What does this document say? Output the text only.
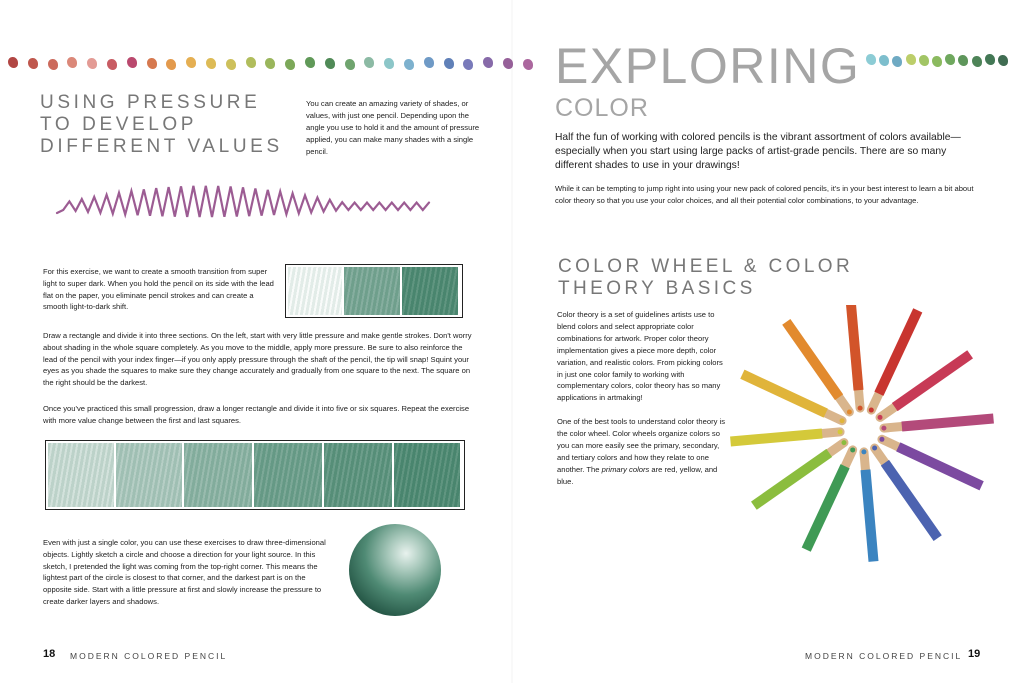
USING PRESSURE
TO DEVELOP
DIFFERENT VALUES
You can create an amazing variety of shades, or values, with just one pencil. Depending upon the angle you use to hold it and the amount of pressure applied, you can make many shades with a single pencil.
For this exercise, we want to create a smooth transition from super light to super dark. When you hold the pencil on its side with the lead flat on the paper, you eliminate pencil strokes and can create a smooth light-to-dark shift.
Draw a rectangle and divide it into three sections. On the left, start with very little pressure and make gentle strokes. Don't worry about shading in the whole square completely. As you move to the middle, apply more pressure. Be sure to also reinforce the lead of the pencil with your index finger—if you only apply pressure through the shaft of the pencil, the tip will snap! Squint your eyes as you shade the squares to make sure they change accurately and gradually from one square to the next. The square on the right should be the darkest.
Once you've practiced this small progression, draw a longer rectangle and divide it into five or six squares. Repeat the exercise with more value change between the first and last squares.
Even with just a single color, you can use these exercises to draw three-dimensional objects. Lightly sketch a circle and choose a direction for your light source. In this sketch, I pretended the light was coming from the top-right corner. This means the lightest part of the circle is closest to that corner, and the darkest part is on the opposite side. Start with a little pressure at first and slowly increase the pressure to create darker layers and shadows.
18 MODERN COLORED PENCIL
EXPLORING
COLOR
Half the fun of working with colored pencils is the vibrant assortment of colors available—especially when you start using large packs of artist-grade pencils. There are so many different shades to use in your drawings!
While it can be tempting to jump right into using your new pack of colored pencils, it's in your best interest to learn a bit about color theory so that you use your color choices, and all their potential color combinations, to your advantage.
COLOR WHEEL & COLOR
THEORY BASICS

Color theory is a set of guidelines artists use to blend colors and select appropriate color combinations for artwork. Proper color theory implementation gives a piece more depth, color variation, and realistic colors. From picking colors in just one color family to working with complementary colors, color theory has so many applications in artmaking!

One of the best tools to understand color theory is the color wheel. Color wheels organize colors so you can more easily see the primary, secondary, and tertiary colors and how they relate to one another. The primary colors are red, yellow, and blue.

MODERN COLORED PENCIL 19
